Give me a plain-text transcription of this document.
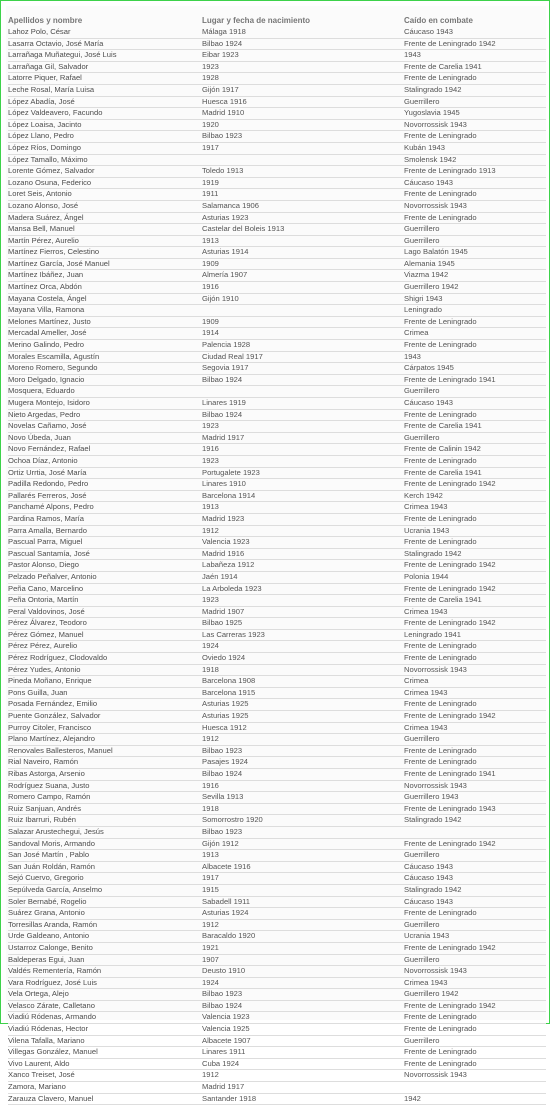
Apellidos y nombre	Lugar y fecha de nacimiento	Caído en combate
Lahoz Polo, César	Málaga 1918	Cáucaso 1943
Lasarra Octavio, José María	Bilbao 1924	Frente de Leningrado 1942
Larrañaga Muñategui, José Luis	Eibar 1923	1943
Larrañaga Gil, Salvador	1923	Frente de Carelia 1941
Latorre Piquer, Rafael	1928	Frente de Leningrado
Leche Rosal, María Luisa	Gijón 1917	Stalingrado 1942
López Abadía, José	Huesca 1916	Guerrillero
López Valdeavero, Facundo	Madrid 1910	Yugoslavia 1945
López Loaisa, Jacinto	1920	Novorrossisk 1943
López Llano, Pedro	Bilbao 1923	Frente de Leningrado
López Ríos, Domingo	1917	Kubán 1943
López Tamallo, Máximo		Smolensk 1942
Lorente Gómez, Salvador	Toledo 1913	Frente de Leningrado 1913
Lozano Osuna, Federico	1919	Cáucaso 1943
Loret Seis, Antonio	1911	Frente de Leningrado
Lozano Alonso, José	Salamanca 1906	Novorrossisk 1943
Madera Suárez, Ángel	Asturias 1923	Frente de Leningrado
Mansa Bell, Manuel	Castelar del Boleis 1913	Guerrillero
Martín Pérez, Aurelio	1913	Guerrillero
Martínez Fierros, Celestino	Asturias 1914	Lago Balatón 1945
Martínez García, José Manuel	1909	Alemania 1945
Martínez Ibáñez, Juan	Almería 1907	Viazma 1942
Martínez Orca, Abdón	1916	Guerrillero 1942
Mayana Costela, Ángel	Gijón 1910	Shigri 1943
Mayana Villa, Ramona		Leningrado
Melones Martínez, Justo	1909	Frente de Leningrado
Mercadal Ameller, José	1914	Crimea
Merino Galindo, Pedro	Palencia 1928	Frente de Leningrado
Morales Escamilla, Agustín	Ciudad Real 1917	1943
Moreno Romero, Segundo	Segovia 1917	Cárpatos 1945
Moro Delgado, Ignacio	Bilbao 1924	Frente de Leningrado 1941
Mosquera, Eduardo		Guerrillero
Mugera Montejo, Isidoro	Linares 1919	Cáucaso 1943
Nieto Argedas, Pedro	Bilbao 1924	Frente de Leningrado
Novelas Cañamo, José	1923	Frente de Carelia 1941
Novo Úbeda, Juan	Madrid 1917	Guerrillero
Novo Fernández, Rafael	1916	Frente de Calinin 1942
Ochoa Díaz, Antonio	1923	Frente de Leningrado
Ortiz Urrtia, José María	Portugalete 1923	Frente de Carelia 1941
Padilla Redondo, Pedro	Linares 1910	Frente de Leningrado 1942
Pallarés Ferreros, José	Barcelona 1914	Kerch 1942
Panchamé Alpons, Pedro	1913	Crimea 1943
Pardina Ramos, María	Madrid 1923	Frente de Leningrado
Parra Amalla, Bernardo	1912	Ucrania 1943
Pascual Parra, Miguel	Valencia 1923	Frente de Leningrado
Pascual Santamía, José	Madrid 1916	Stalingrado 1942
Pastor Alonso, Diego	Labañeza 1912	Frente de Leningrado 1942
Pelzado Peñalver, Antonio	Jaén 1914	Polonia 1944
Peña Cano, Marcelino	La Arboleda 1923	Frente de Leningrado 1942
Peña Ontoria, Martín	1923	Frente de Carelia 1941
Peral Valdovinos, José	Madrid 1907	Crimea 1943
Pérez Álvarez, Teodoro	Bilbao 1925	Frente de Leningrado 1942
Pérez Gómez, Manuel	Las Carreras 1923	Leningrado 1941
Pérez Pérez, Aurelio	1924	Frente de Leningrado
Pérez Rodríguez, Clodovaldo	Oviedo 1924	Frente de Leningrado
Pérez Yudes, Antonio	1918	Novorrossisk 1943
Pineda Moñano, Enrique	Barcelona 1908	Crimea
Pons Guilla, Juan	Barcelona 1915	Crimea 1943
Posada Fernández, Emilio	Asturias 1925	Frente de Leningrado
Puente González, Salvador	Asturias 1925	Frente de Leningrado 1942
Purroy Citoler, Francisco	Huesca 1912	Crimea 1943
Plano Martínez, Alejandro	1912	Guerrillero
Renovales Ballesteros, Manuel	Bilbao 1923	Frente de Leningrado
Rial Naveiro, Ramón	Pasajes 1924	Frente de Leningrado
Ribas Astorga, Arsenio	Bilbao 1924	Frente de Leningrado 1941
Rodríguez Suana, Justo	1916	Novorrossisk 1943
Romero Campo, Ramón	Sevilla 1913	Guerrillero 1943
Ruiz Sanjuan, Andrés	1918	Frente de Leningrado 1943
Ruiz Ibarruri, Rubén	Somorrostro 1920	Stalingrado 1942
Salazar Arustechegui, Jesús	Bilbao 1923	
Sandoval Moris, Armando	Gijón 1912	Frente de Leningrado 1942
San José Martín , Pablo	1913	Guerrillero
San Juán Roldán, Ramón	Albacete 1916	Cáucaso 1943
Sejó Cuervo, Gregorio	1917	Cáucaso 1943
Sepúlveda García, Anselmo	1915	Stalingrado 1942
Soler Bernabé, Rogelio	Sabadell 1911	Cáucaso 1943
Suárez Grana, Antonio	Asturias 1924	Frente de Leningrado
Torresillas Aranda, Ramón	1912	Guerrillero
Urde Galdeano, Antonio	Baracaldo 1920	Ucrania 1943
Ustarroz Calonge, Benito	1921	Frente de Leningrado 1942
Baldeperas Egui, Juan	1907	Guerrillero
Valdés Rementería, Ramón	Deusto 1910	Novorrossisk 1943
Vara Rodríguez, José Luis	1924	Crimea 1943
Vela Ortega, Alejo	Bilbao 1923	Guerrillero 1942
Velasco Zárate, Calletano	Bilbao 1924	Frente de Leningrado 1942
Viadiú Ródenas, Armando	Valencia 1923	Frente de Leningrado
Viadiú Ródenas, Hector	Valencia 1925	Frente de Leningrado
Vilena Tafalla, Mariano	Albacete 1907	Guerrillero
Villegas González, Manuel	Linares 1911	Frente de Leningrado
Vivo Laurent, Aldo	Cuba 1924	Frente de Leningrado
Xanco Treiset, José	1912	Novorrossisk 1943
Zamora, Mariano	Madrid 1917	
Zarauza Clavero, Manuel	Santander 1918	1942
